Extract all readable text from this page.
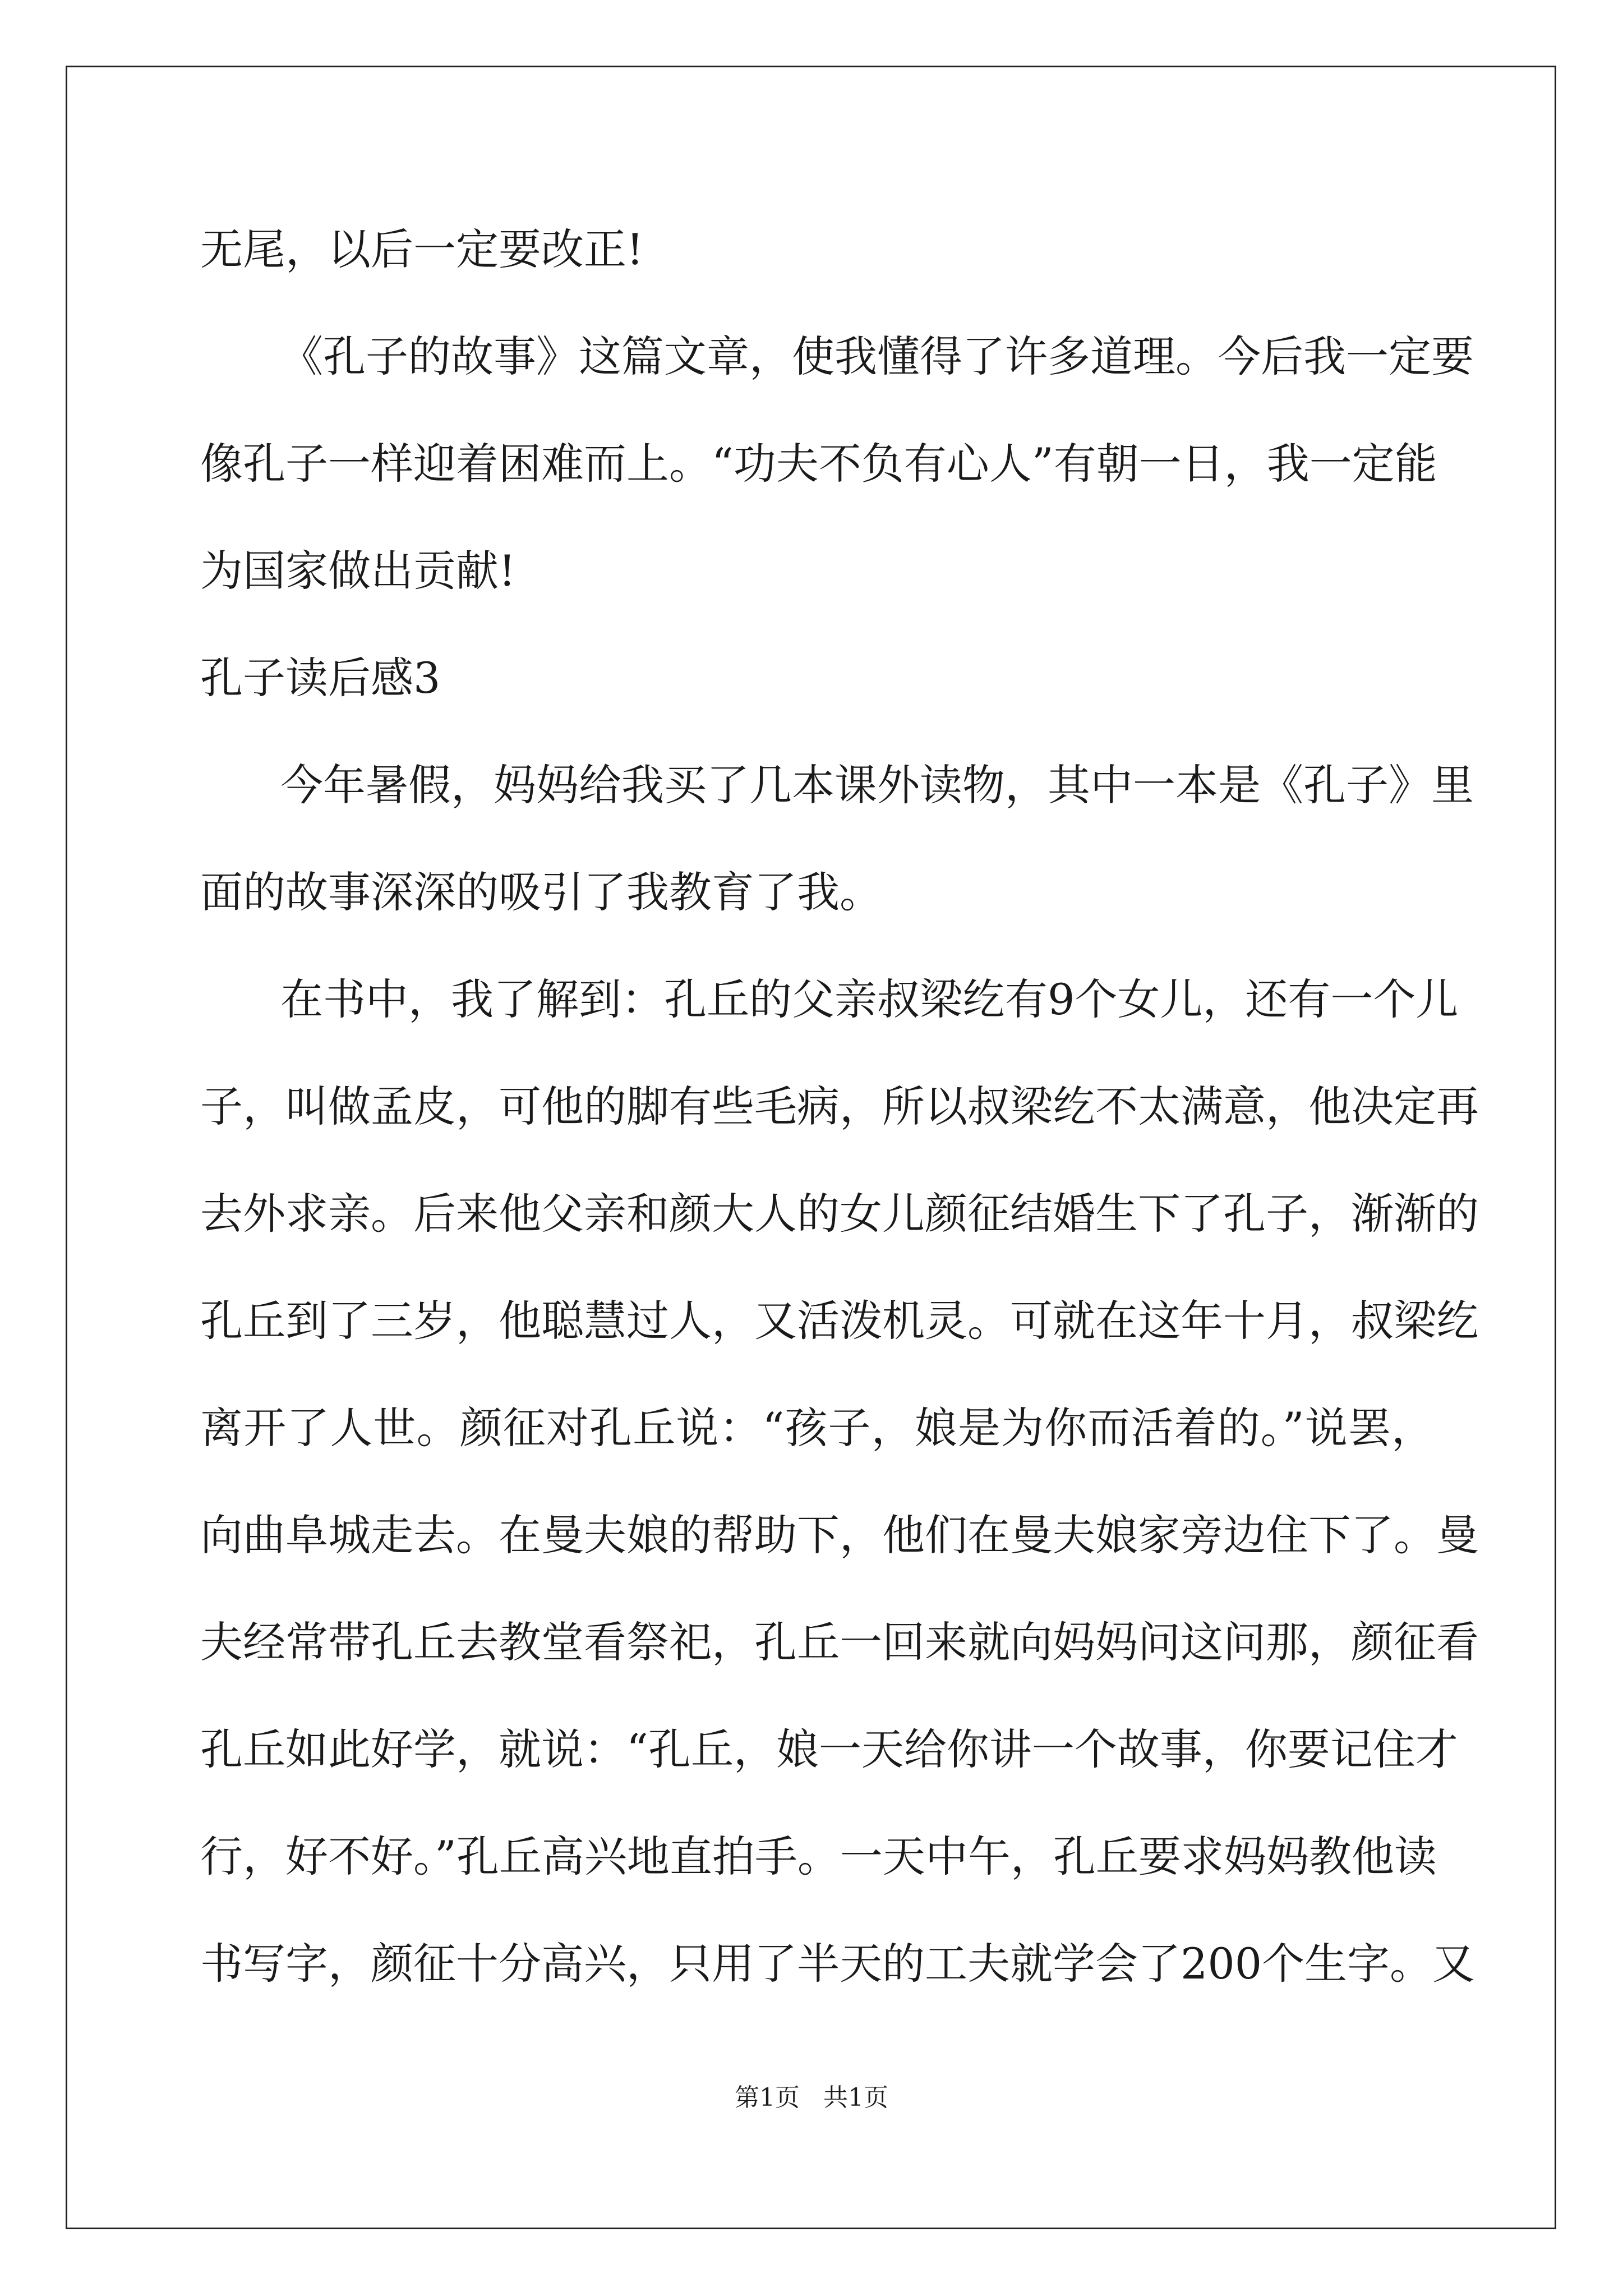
无尾，以后一定要改正!
《孔子的故事》这篇文章，使我懂得了许多道理。今后我一定要
像孔子一样迎着困难而上。“功夫不负有心人”有朝一日，我一定能
为国家做出贡献!
孔子读后感3
今年暑假，妈妈给我买了几本课外读物，其中一本是《孔子》里
面的故事深深的吸引了我教育了我。
在书中，我了解到：孔丘的父亲叔梁纥有9个女儿，还有一个儿
子，叫做孟皮，可他的脚有些毛病，所以叔梁纥不太满意，他决定再
去外求亲。后来他父亲和颜大人的女儿颜征结婚生下了孔子，渐渐的
孔丘到了三岁，他聪慧过人，又活泼机灵。可就在这年十月，叔梁纥
离开了人世。颜征对孔丘说：“孩子，娘是为你而活着的。”说罢，
向曲阜城走去。在曼夫娘的帮助下，他们在曼夫娘家旁边住下了。曼
夫经常带孔丘去教堂看祭祀，孔丘一回来就向妈妈问这问那，颜征看
孔丘如此好学，就说：“孔丘，娘一天给你讲一个故事，你要记住才
行，好不好。”孔丘高兴地直拍手。一天中午，孔丘要求妈妈教他读
书写字，颜征十分高兴，只用了半天的工夫就学会了200个生字。又
第1页   共1页
